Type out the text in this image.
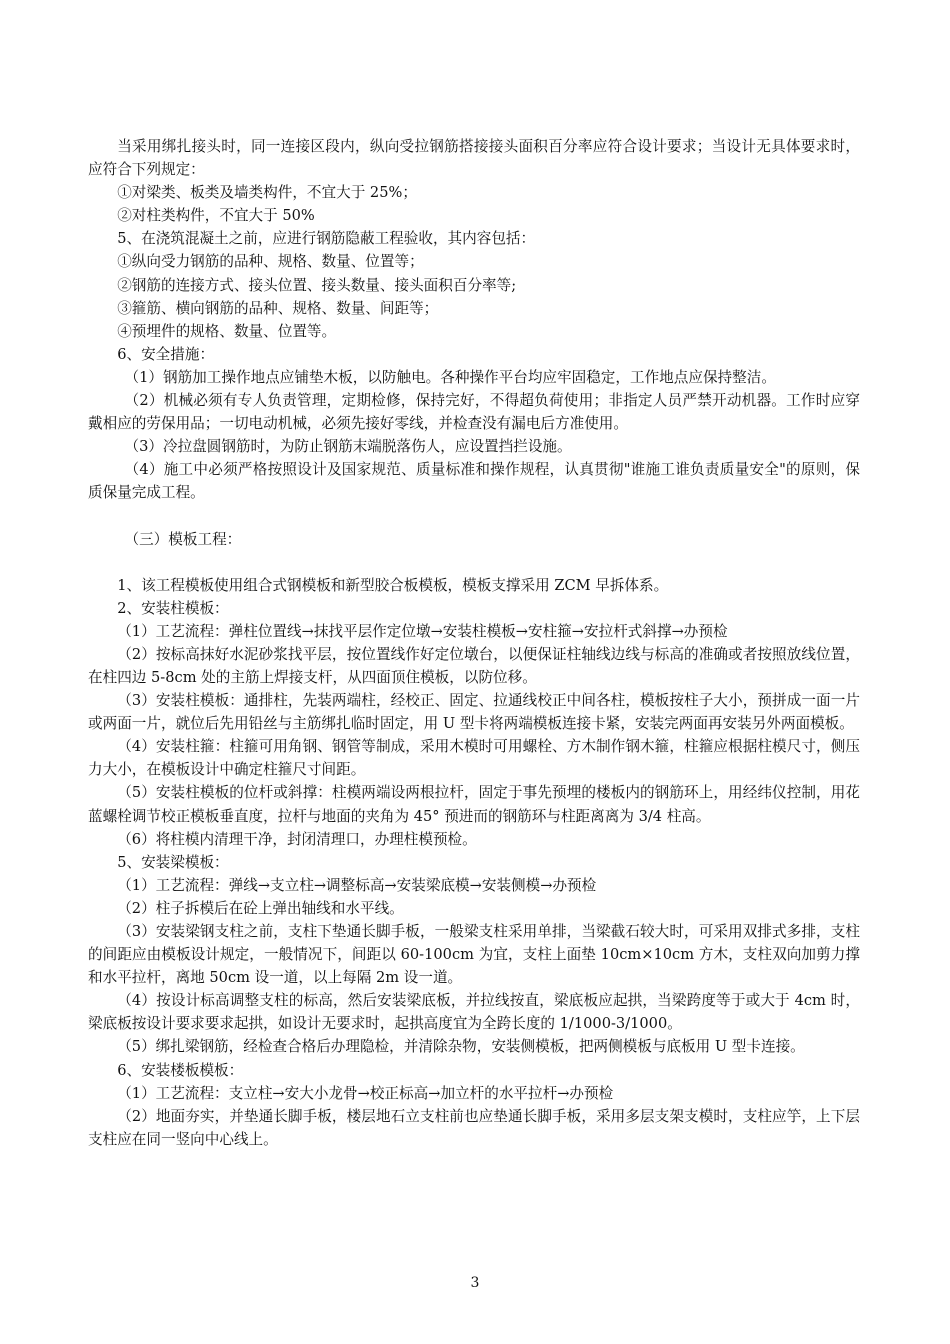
当采用绑扎接头时，同一连接区段内，纵向受拉钢筋搭接接头面积百分率应符合设计要求；当设计无具体要求时，应符合下列规定：

①对梁类、板类及墙类构件，不宜大于 25%；

②对柱类构件，不宜大于 50%

5、在浇筑混凝土之前，应进行钢筋隐蔽工程验收，其内容包括：

①纵向受力钢筋的品种、规格、数量、位置等；

②钢筋的连接方式、接头位置、接头数量、接头面积百分率等;

③箍筋、横向钢筋的品种、规格、数量、间距等；

④预埋件的规格、数量、位置等。

6、安全措施：

（1）钢筋加工操作地点应铺垫木板，以防触电。各种操作平台均应牢固稳定，工作地点应保持整洁。

（2）机械必须有专人负责管理，定期检修，保持完好，不得超负荷使用；非指定人员严禁开动机器。工作时应穿戴相应的劳保用品；一切电动机械，必须先接好零线，并检查没有漏电后方准使用。

（3）冷拉盘圆钢筋时，为防止钢筋末端脱落伤人，应设置挡拦设施。

（4）施工中必须严格按照设计及国家规范、质量标准和操作规程，认真贯彻"谁施工谁负责质量安全"的原则，保质保量完成工程。

（三）模板工程：

1、该工程模板使用组合式钢模板和新型胶合板模板，模板支撑采用 ZCM 早拆体系。

2、安装柱模板：

（1）工艺流程：弹柱位置线→抹找平层作定位墩→安装柱模板→安柱箍→安拉杆式斜撑→办预检

（2）按标高抹好水泥砂浆找平层，按位置线作好定位墩台，以便保证柱轴线边线与标高的准确或者按照放线位置，在柱四边 5-8cm 处的主筋上焊接支杆，从四面顶住模板，以防位移。

（3）安装柱模板：通排柱，先装两端柱，经校正、固定、拉通线校正中间各柱，模板按柱子大小，预拼成一面一片或两面一片，就位后先用铅丝与主筋绑扎临时固定，用 U 型卡将两端模板连接卡紧，安装完两面再安装另外两面模板。

（4）安装柱箍：柱箍可用角钢、钢管等制成，采用木模时可用螺栓、方木制作钢木箍，柱箍应根据柱模尺寸，侧压力大小，在模板设计中确定柱箍尺寸间距。

（5）安装柱模板的位杆或斜撑：柱模两端设两根拉杆，固定于事先预埋的楼板内的钢筋环上，用经纬仪控制，用花蓝螺栓调节校正模板垂直度，拉杆与地面的夹角为 45° 预进而的钢筋环与柱距离离为 3/4 柱高。

（6）将柱模内清理干净，封闭清理口，办理柱模预检。

5、安装梁模板：

（1）工艺流程：弹线→支立柱→调整标高→安装梁底模→安装侧模→办预检

（2）柱子拆模后在砼上弹出轴线和水平线。

（3）安装梁钢支柱之前，支柱下垫通长脚手板，一般梁支柱采用单排，当梁截石较大时，可采用双排式多排，支柱的间距应由模板设计规定，一般情况下，间距以 60-100cm 为宜，支柱上面垫 10cm×10cm 方木，支柱双向加剪力撑和水平拉杆，离地 50cm 设一道，以上每隔 2m 设一道。

（4）按设计标高调整支柱的标高，然后安装梁底板，并拉线按直，梁底板应起拱，当梁跨度等于或大于 4cm 时，梁底板按设计要求要求起拱，如设计无要求时，起拱高度宜为全跨长度的 1/1000-3/1000。

（5）绑扎梁钢筋，经检查合格后办理隐检，并清除杂物，安装侧模板，把两侧模板与底板用 U 型卡连接。

6、安装楼板模板：

（1）工艺流程：支立柱→安大小龙骨→校正标高→加立杆的水平拉杆→办预检

（2）地面夯实，并垫通长脚手板，楼层地石立支柱前也应垫通长脚手板，采用多层支架支模时，支柱应竽，上下层支柱应在同一竖向中心线上。

3
